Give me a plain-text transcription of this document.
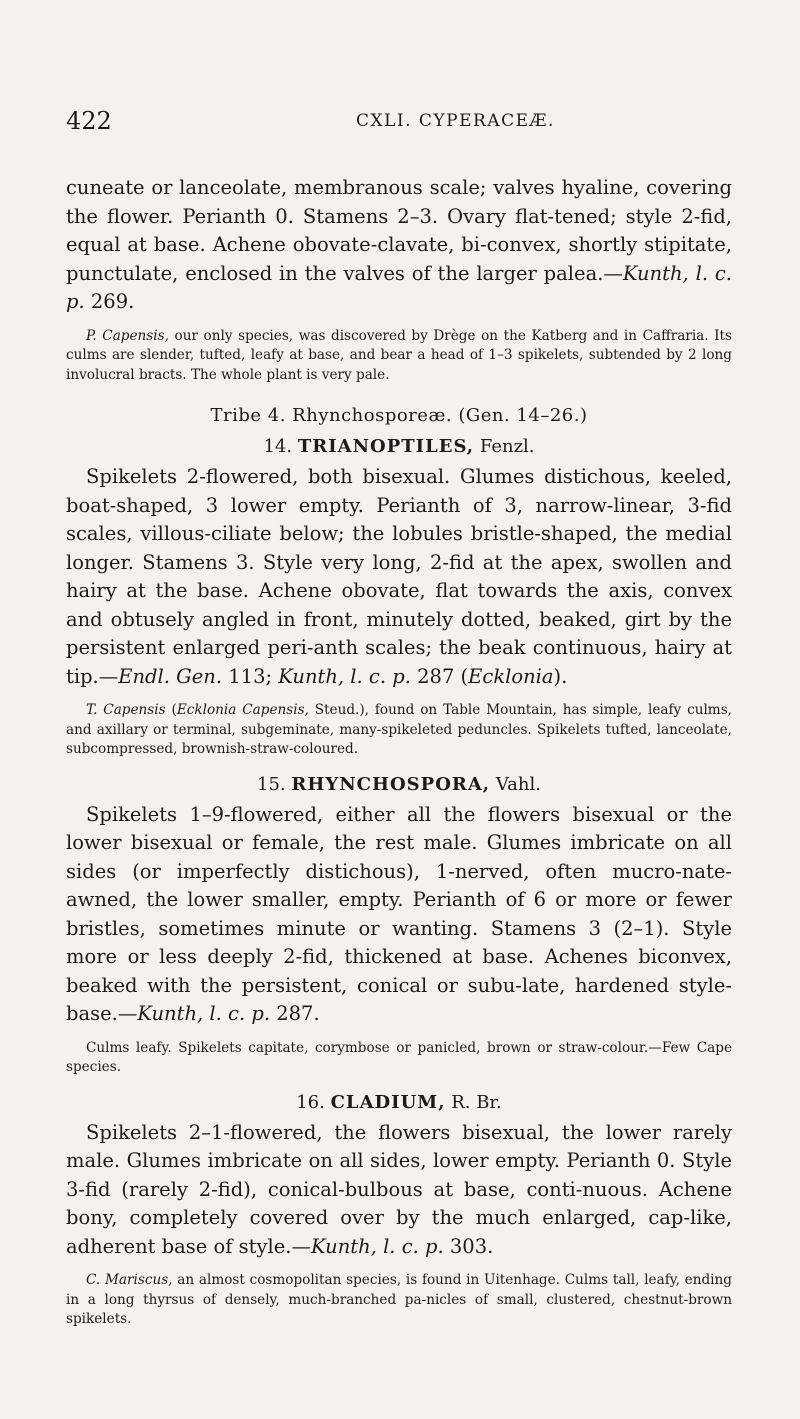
422	CXLI. CYPERACEÆ.

cuneate or lanceolate, membranous scale; valves hyaline, covering the flower. Perianth 0. Stamens 2–3. Ovary flat-tened; style 2-fid, equal at base. Achene obovate-clavate, bi-convex, shortly stipitate, punctulate, enclosed in the valves of the larger palea.—Kunth, l. c. p. 269.

P. Capensis, our only species, was discovered by Drège on the Katberg and in Caffraria. Its culms are slender, tufted, leafy at base, and bear a head of 1–3 spikelets, subtended by 2 long involucral bracts. The whole plant is very pale.

Tribe 4. Rhynchosporeæ. (Gen. 14–26.)

14. TRIANOPTILES, Fenzl.

Spikelets 2-flowered, both bisexual. Glumes distichous, keeled, boat-shaped, 3 lower empty. Perianth of 3, narrow-linear, 3-fid scales, villous-ciliate below; the lobules bristle-shaped, the medial longer. Stamens 3. Style very long, 2-fid at the apex, swollen and hairy at the base. Achene obovate, flat towards the axis, convex and obtusely angled in front, minutely dotted, beaked, girt by the persistent enlarged peri-anth scales; the beak continuous, hairy at tip.—Endl. Gen. 113; Kunth, l. c. p. 287 (Ecklonia).

T. Capensis (Ecklonia Capensis, Steud.), found on Table Mountain, has simple, leafy culms, and axillary or terminal, subgeminate, many-spikeleted peduncles. Spikelets tufted, lanceolate, subcompressed, brownish-straw-coloured.

15. RHYNCHOSPORA, Vahl.

Spikelets 1–9-flowered, either all the flowers bisexual or the lower bisexual or female, the rest male. Glumes imbricate on all sides (or imperfectly distichous), 1-nerved, often mucro-nate-awned, the lower smaller, empty. Perianth of 6 or more or fewer bristles, sometimes minute or wanting. Stamens 3 (2–1). Style more or less deeply 2-fid, thickened at base. Achenes biconvex, beaked with the persistent, conical or subu-late, hardened style-base.—Kunth, l. c. p. 287.

Culms leafy. Spikelets capitate, corymbose or panicled, brown or straw-colour.—Few Cape species.

16. CLADIUM, R. Br.

Spikelets 2–1-flowered, the flowers bisexual, the lower rarely male. Glumes imbricate on all sides, lower empty. Perianth 0. Style 3-fid (rarely 2-fid), conical-bulbous at base, conti-nuous. Achene bony, completely covered over by the much enlarged, cap-like, adherent base of style.—Kunth, l. c. p. 303.

C. Mariscus, an almost cosmopolitan species, is found in Uitenhage. Culms tall, leafy, ending in a long thyrsus of densely, much-branched pa-nicles of small, clustered, chestnut-brown spikelets.
